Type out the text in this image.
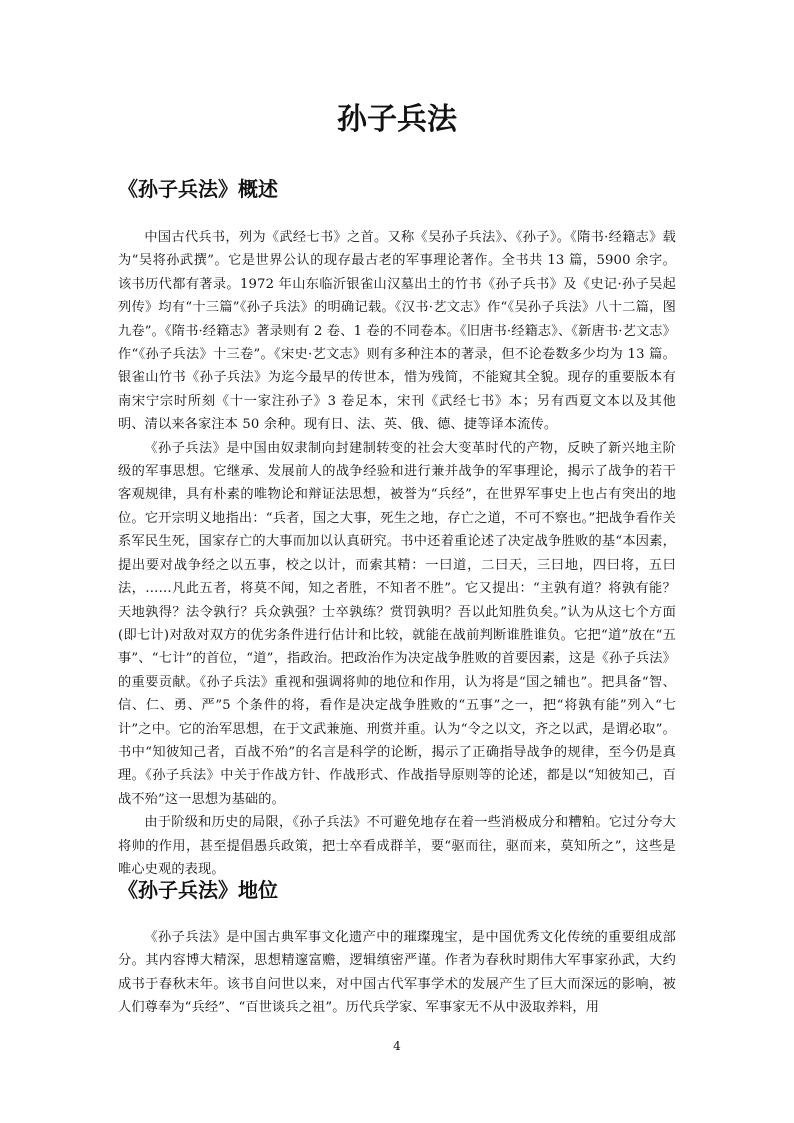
孙子兵法
《孙子兵法》概述

中国古代兵书，列为《武经七书》之首。又称《吴孙子兵法》、《孙子》。《隋书·经籍志》载为“吴将孙武撰”。它是世界公认的现存最古老的军事理论著作。全书共 13 篇，5900 余字。该书历代都有著录。1972 年山东临沂银雀山汉墓出土的竹书《孙子兵书》及《史记·孙子吴起列传》均有“十三篇”《孙子兵法》的明确记载。《汉书·艺文志》作“《吴孙子兵法》八十二篇，图九卷”。《隋书·经籍志》著录则有 2 卷、1 卷的不同卷本。《旧唐书·经籍志》、《新唐书·艺文志》作“《孙子兵法》十三卷”。《宋史·艺文志》则有多种注本的著录，但不论卷数多少均为 13 篇。银雀山竹书《孙子兵法》为迄今最早的传世本，惜为残简，不能窥其全貌。现存的重要版本有南宋宁宗时所刻《十一家注孙子》3 卷足本，宋刊《武经七书》本；另有西夏文本以及其他明、清以来各家注本 50 余种。现有日、法、英、俄、德、捷等译本流传。

《孙子兵法》是中国由奴隶制向封建制转变的社会大变革时代的产物，反映了新兴地主阶级的军事思想。它继承、发展前人的战争经验和进行兼并战争的军事理论，揭示了战争的若干客观规律，具有朴素的唯物论和辩证法思想，被誉为“兵经”，在世界军事史上也占有突出的地位。它开宗明义地指出：“兵者，国之大事，死生之地，存亡之道，不可不察也。”把战争看作关系军民生死，国家存亡的大事而加以认真研究。书中还着重论述了决定战争胜败的基“本因素，提出要对战争经之以五事，校之以计，而索其精：一曰道，二曰天，三曰地，四曰将，五曰法，……凡此五者，将莫不闻，知之者胜，不知者不胜”。它又提出：“主孰有道？将孰有能？天地孰得？法令孰行？兵众孰强？士卒孰练？赏罚孰明？吾以此知胜负矣。”认为从这七个方面(即七计)对敌对双方的优劣条件进行估计和比较，就能在战前判断谁胜谁负。它把“道”放在“五事”、“七计”的首位，“道”，指政治。把政治作为决定战争胜败的首要因素，这是《孙子兵法》的重要贡献。《孙子兵法》重视和强调将帅的地位和作用，认为将是“国之辅也”。把具备“智、信、仁、勇、严”5 个条件的将，看作是决定战争胜败的“五事”之一，把“将孰有能”列入“七计”之中。它的治军思想，在于文武兼施、刑赏并重。认为“令之以文，齐之以武，是谓必取”。书中“知彼知己者，百战不殆”的名言是科学的论断，揭示了正确指导战争的规律，至今仍是真理。《孙子兵法》中关于作战方针、作战形式、作战指导原则等的论述，都是以“知彼知己，百战不殆”这一思想为基础的。

由于阶级和历史的局限，《孙子兵法》不可避免地存在着一些消极成分和糟粕。它过分夸大将帅的作用，甚至提倡愚兵政策，把士卒看成群羊，要“驱而往，驱而来，莫知所之”，这些是唯心史观的表现。

《孙子兵法》地位

《孙子兵法》是中国古典军事文化遗产中的璀璨瑰宝，是中国优秀文化传统的重要组成部分。其内容博大精深，思想精邃富赡，逻辑缜密严谨。作者为春秋时期伟大军事家孙武，大约成书于春秋末年。该书自问世以来，对中国古代军事学术的发展产生了巨大而深远的影响，被人们尊奉为“兵经”、“百世谈兵之祖”。历代兵学家、军事家无不从中汲取养料，用

4
